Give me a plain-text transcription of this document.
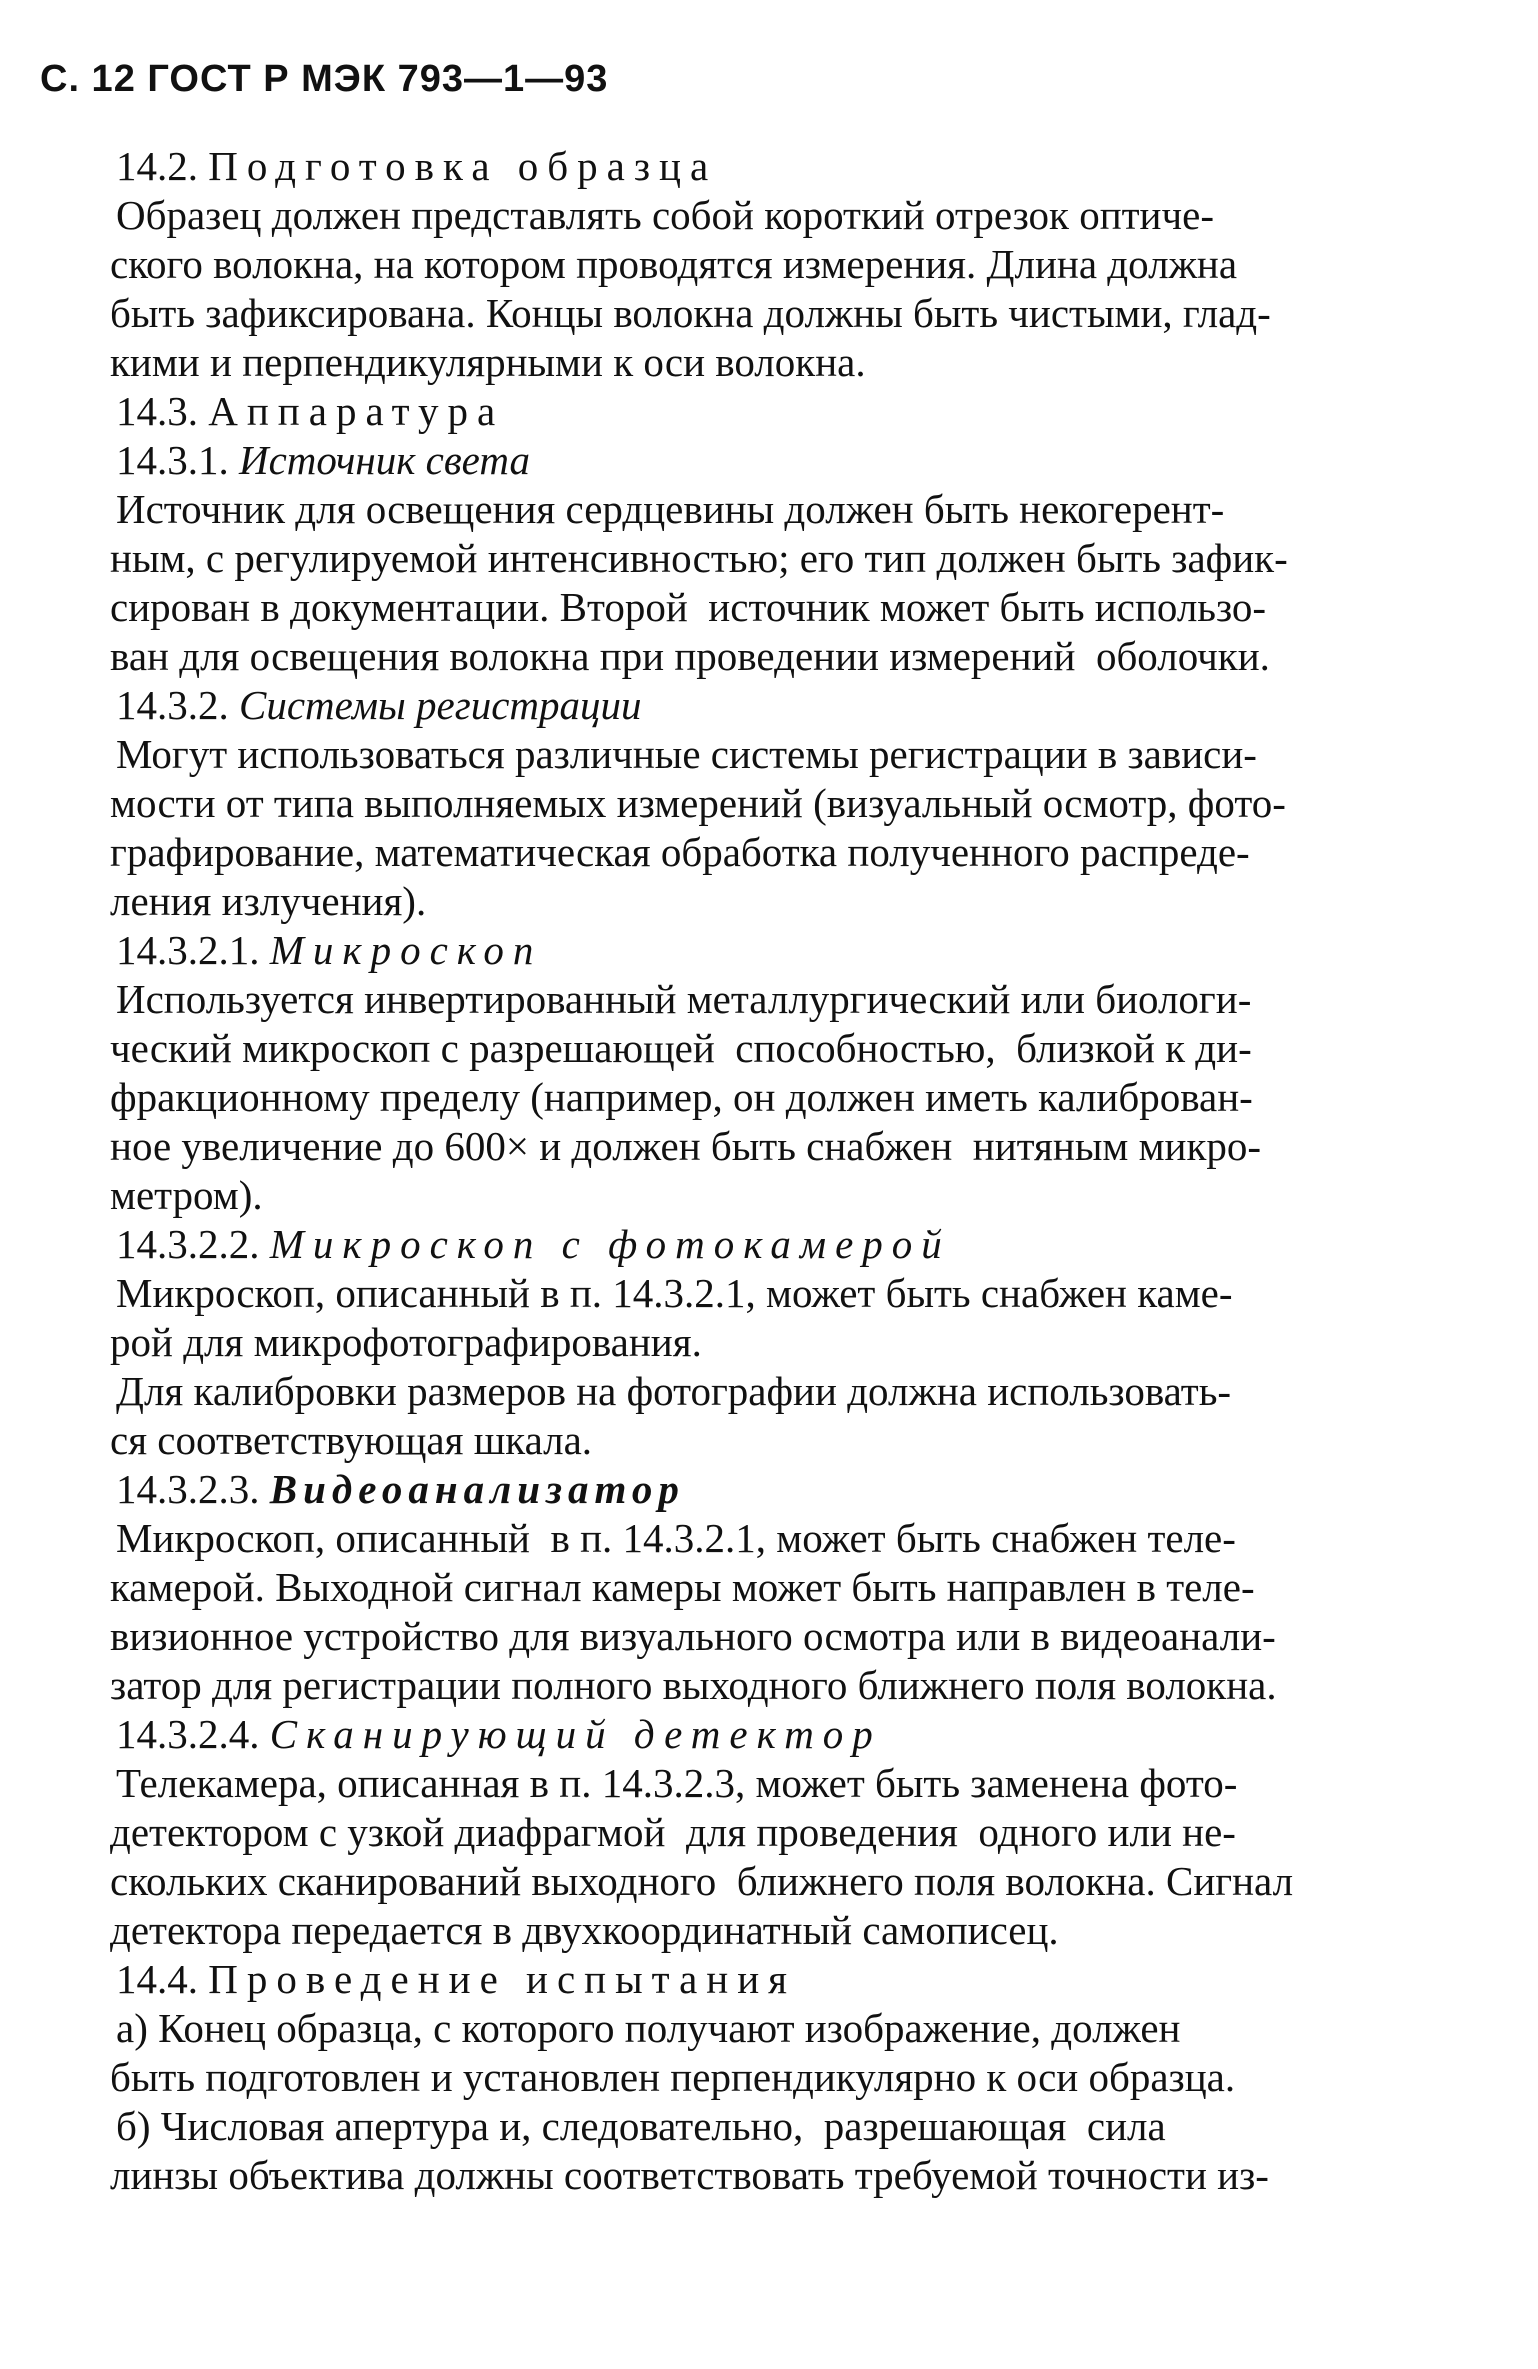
С. 12 ГОСТ Р МЭК 793—1—93
14.2. Подготовка образца
Образец должен представлять собой короткий отрезок оптиче-
ского волокна, на котором проводятся измерения. Длина должна
быть зафиксирована. Концы волокна должны быть чистыми, глад-
кими и перпендикулярными к оси волокна.
14.3. Аппаратура
14.3.1. Источник света
Источник для освещения сердцевины должен быть некогерент-
ным, с регулируемой интенсивностью; его тип должен быть зафик-
сирован в документации. Второй  источник может быть использо-
ван для освещения волокна при проведении измерений  оболочки.
14.3.2. Системы регистрации
Могут использоваться различные системы регистрации в зависи-
мости от типа выполняемых измерений (визуальный осмотр, фото-
графирование, математическая обработка полученного распреде-
ления излучения).
14.3.2.1. Микроскоп
Используется инвертированный металлургический или биологи-
ческий микроскоп с разрешающей  способностью,  близкой к ди-
фракционному пределу (например, он должен иметь калиброван-
ное увеличение до 600× и должен быть снабжен  нитяным микро-
метром).
14.3.2.2. Микроскоп с фотокамерой
Микроскоп, описанный в п. 14.3.2.1, может быть снабжен каме-
рой для микрофотографирования.
Для калибровки размеров на фотографии должна использовать-
ся соответствующая шкала.
14.3.2.3. Видеоанализатор
Микроскоп, описанный  в п. 14.3.2.1, может быть снабжен теле-
камерой. Выходной сигнал камеры может быть направлен в теле-
визионное устройство для визуального осмотра или в видеоанали-
затор для регистрации полного выходного ближнего поля волокна.
14.3.2.4. Сканирующий детектор
Телекамера, описанная в п. 14.3.2.3, может быть заменена фото-
детектором с узкой диафрагмой  для проведения  одного или не-
скольких сканирований выходного  ближнего поля волокна. Сигнал
детектора передается в двухкоординатный самописец.
14.4. Проведение испытания
а) Конец образца, с которого получают изображение, должен
быть подготовлен и установлен перпендикулярно к оси образца.
б) Числовая апертура и, следовательно,  разрешающая  сила
линзы объектива должны соответствовать требуемой точности из-
